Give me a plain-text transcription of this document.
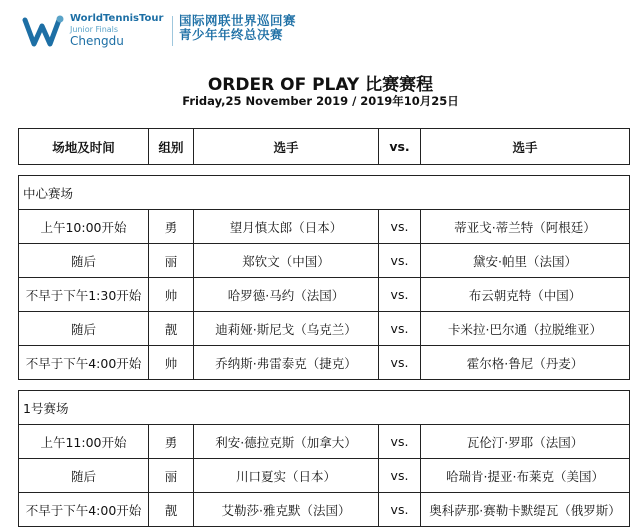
WorldTennisTour
Junior Finals
Chengdu
国际网联世界巡回赛
青少年年终总决赛
ORDER OF PLAY 比赛赛程
Friday,25 November 2019 / 2019年10月25日
场地及时间	组别	选手	vs.	选手

中心赛场				
上午10:00开始	勇	望月慎太郎（日本）	vs.	蒂亚戈·蒂兰特（阿根廷）
随后	丽	郑钦文（中国）	vs.	黛安·帕里（法国）
不早于下午1:30开始	帅	哈罗德·马约（法国）	vs.	布云朝克特（中国）
随后	靓	迪莉娅·斯尼戈（乌克兰）	vs.	卡米拉·巴尔通（拉脱维亚）
不早于下午4:00开始	帅	乔纳斯·弗雷泰克（捷克）	vs.	霍尔格·鲁尼（丹麦）

1号赛场				
上午11:00开始	勇	利安·德拉克斯（加拿大）	vs.	瓦伦汀·罗耶（法国）
随后	丽	川口夏实（日本）	vs.	哈瑞肯·提亚·布莱克（美国）
不早于下午4:00开始	靓	艾勒莎·雅克默（法国）	vs.	奥科萨那·赛勒卡默缇瓦（俄罗斯）
